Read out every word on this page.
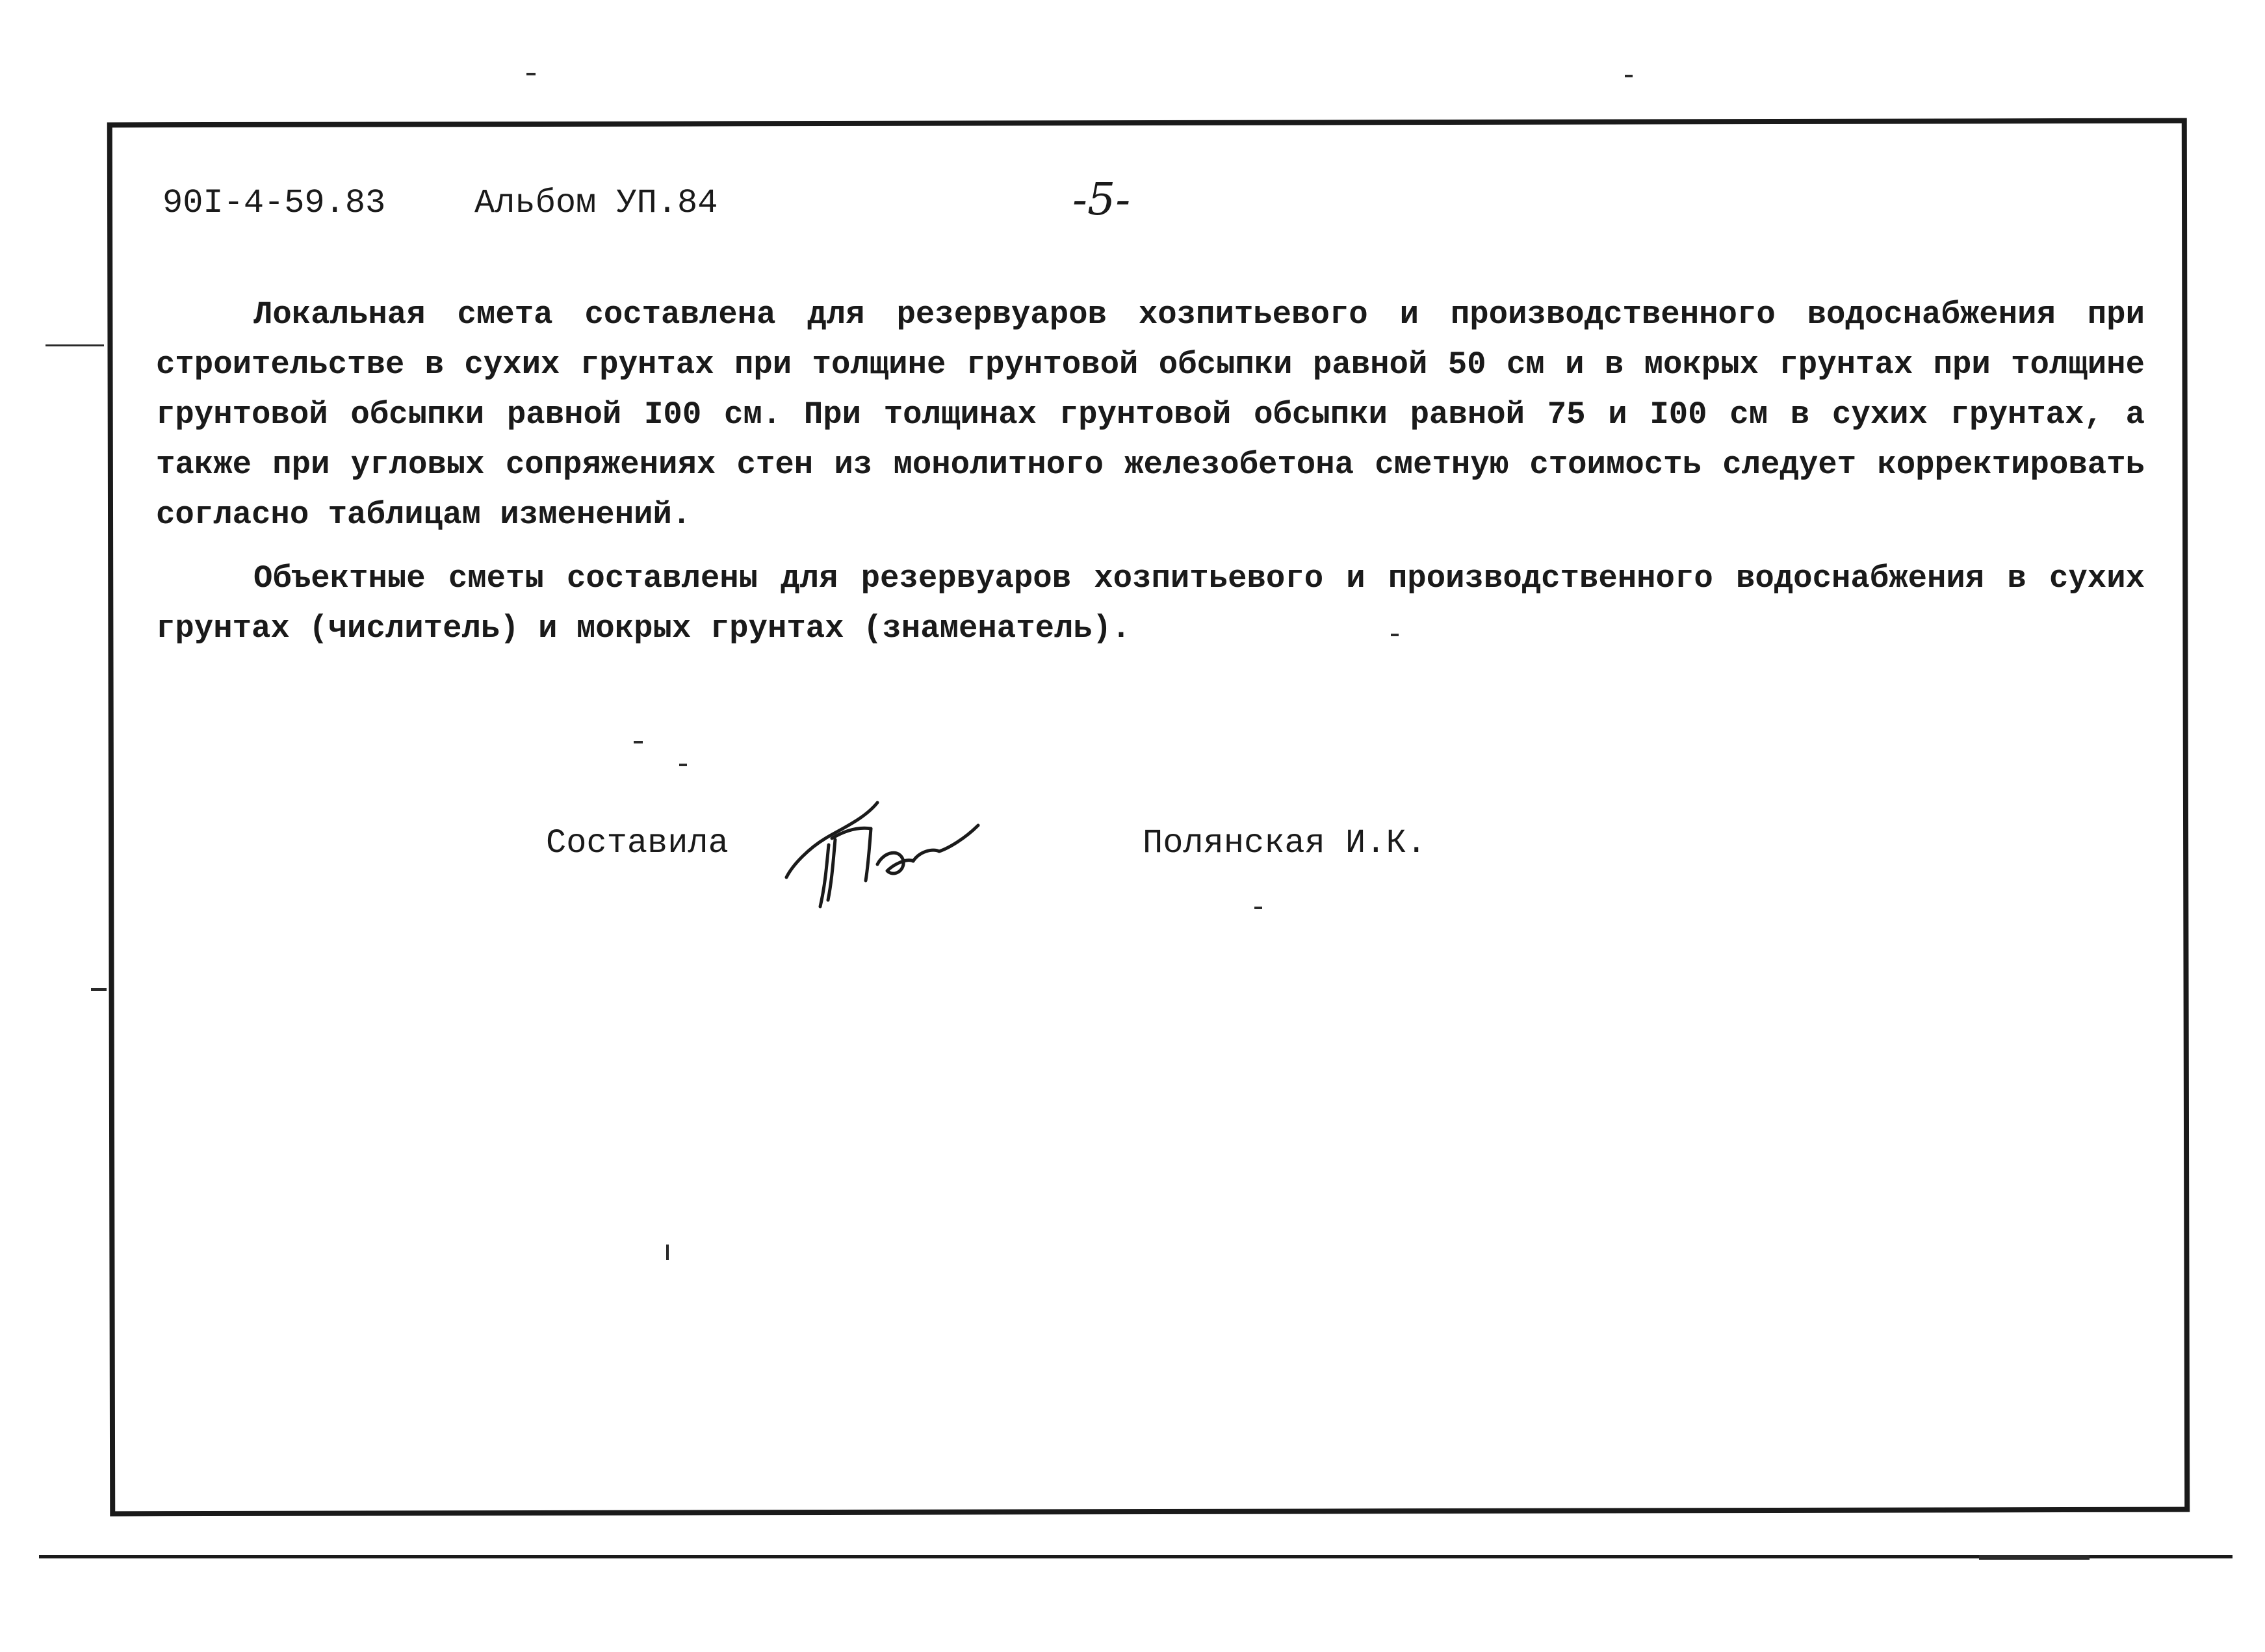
90I-4-59.83	Альбом УП.84	-5-

Локальная смета составлена для резервуаров хозпитьевого и производственного водоснабжения при строительстве в сухих грунтах при толщине грунтовой обсыпки равной 50 см и в мокрых грунтах при толщине грунтовой обсыпки равной I00 см. При толщинах грунтовой обсыпки равной 75 и I00 см в сухих грунтах, а также при угловых сопряжениях стен из монолитного железобетона сметную стоимость следует корректировать согласно таблицам изменений.

Объектные сметы составлены для резервуаров хозпитьевого и производственного водоснабжения в сухих грунтах (числитель) и мокрых грунтах (знаменатель).

Составила	Полянская И.К.
